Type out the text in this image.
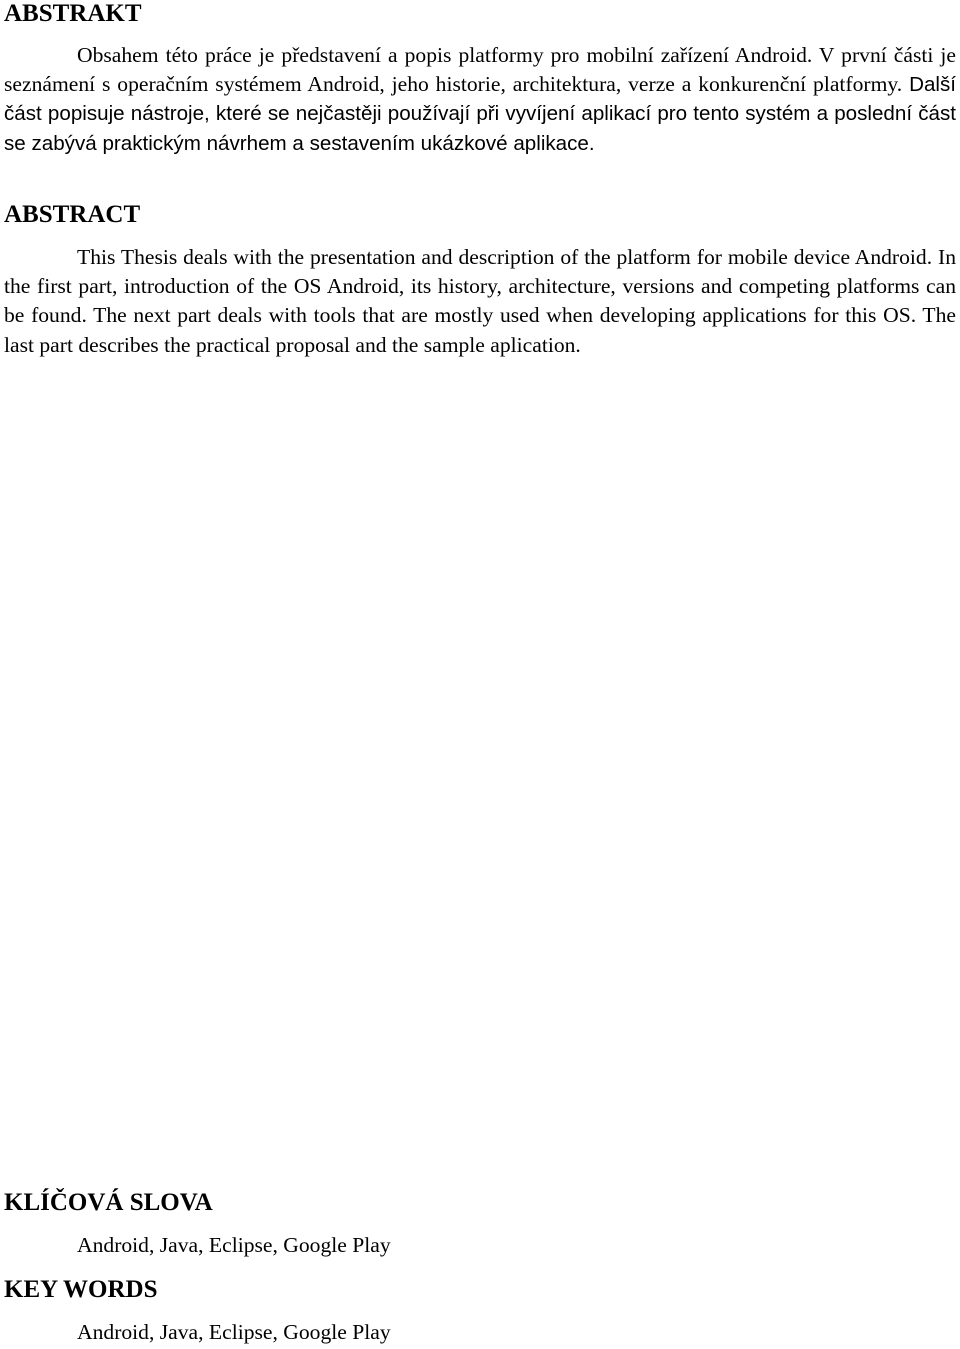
ABSTRAKT

Obsahem této práce je představení a popis platformy pro mobilní zařízení Android. V první části je seznámení s operačním systémem Android, jeho historie, architektura, verze a konkurenční platformy. Další část popisuje nástroje, které se nejčastěji používají při vyvíjení aplikací pro tento systém a poslední část se zabývá praktickým návrhem a sestavením ukázkové aplikace.

ABSTRACT

This Thesis deals with the presentation and description of the platform for mobile device Android. In the first part, introduction of the OS Android, its history, architecture, versions and competing platforms can be found. The next part deals with tools that are mostly used when developing applications for this OS. The last part describes the practical proposal and the sample aplication.

KLÍČOVÁ SLOVA

Android, Java, Eclipse, Google Play

KEY WORDS

Android, Java, Eclipse, Google Play
